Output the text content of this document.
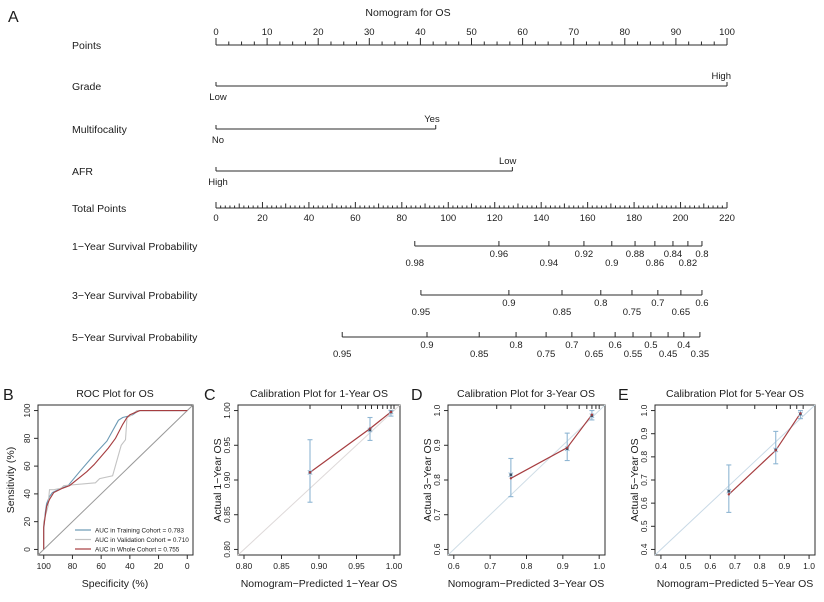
A	Nomogram for OS
Points
Grade
Multifocality
AFR
Total Points
1−Year Survival Probability
3−Year Survival Probability
5−Year Survival Probability
0	10	20	30	40	50	60	70	80	90	100
High
Low
Yes
No
Low
High
0	20	40	60	80	100	120	140	160	180	200	220
0.98
0.96
0.94
0.92
0.9
0.88
0.86
0.84
0.82
0.8
0.95
0.9
0.85
0.8
0.75
0.7
0.65
0.6
0.95
0.9
0.85
0.8
0.75
0.7
0.65
0.6
0.55
0.5
0.45
0.4
0.35
B	C	D	E
ROC Plot for OS	Calibration Plot for 1-Year OS	Calibration Plot for 3-Year OS	Calibration Plot for 5-Year OS
Specificity (%)	Nomogram−Predicted 1−Year OS	Nomogram−Predicted 3−Year OS	Nomogram−Predicted 5−Year OS
Sensitivity (%)	Actual 1−Year OS	Actual 3−Year OS	Actual 5−Year OS
AUC in Training Cohort = 0.783
AUC in Validation Cohort = 0.710
AUC in Whole Cohort = 0.755
100 80 60 40 20	0
0
20
40
60
80
100
0.80 0.85 0.90 0.95 1.00
0.80
0.85
0.90
0.95
1.00
0.6	0.7	0.8	0.9	1.0
0.6
0.7
0.8
0.9
1.0
0.4 0.5 0.6 0.7 0.8 0.9 1.0
0.4
0.5
0.6
0.7
0.8
0.9
1.0
